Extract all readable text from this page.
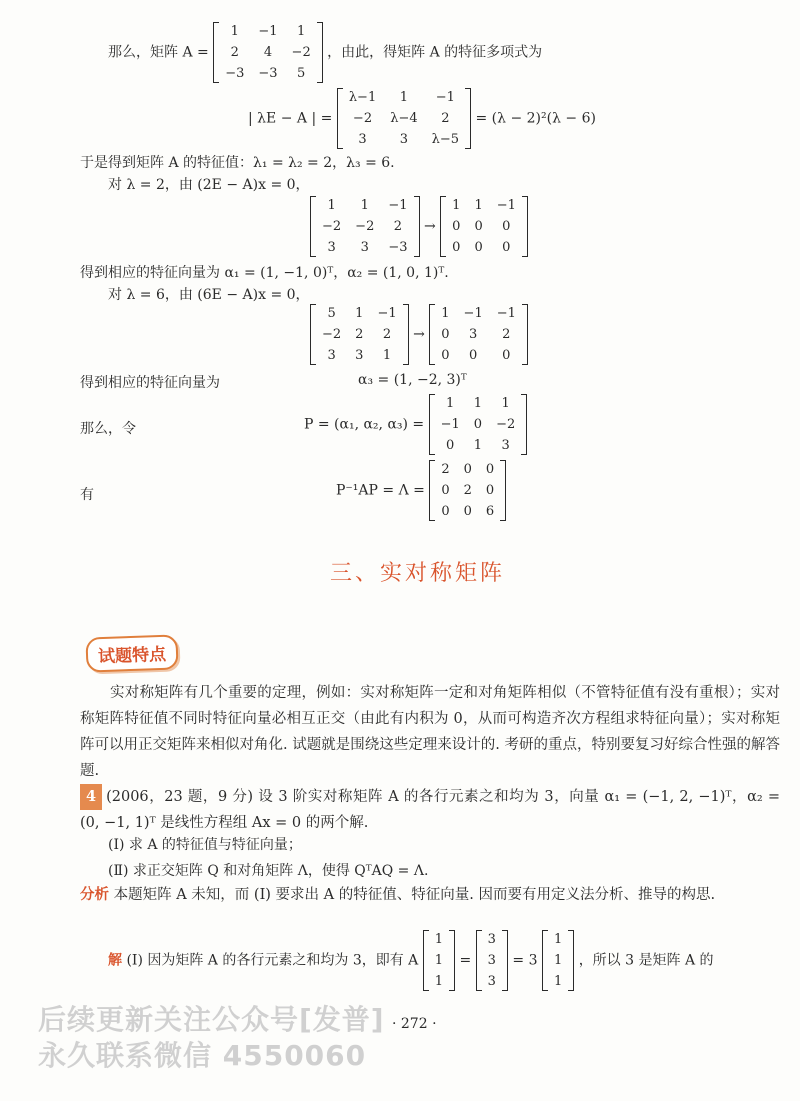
那么，矩阵 A =
1	−1	1
2	4	−2
−3 −3	5
，由此，得矩阵 A 的特征多项式为
| λE − A | =
λ−1	1	−1
−2	λ−4	2
3	3	λ−5
= (λ − 2)²(λ − 6)
于是得到矩阵 A 的特征值：λ₁ = λ₂ = 2，λ₃ = 6.
对 λ = 2，由 (2E − A)x = 0，
1	1	−1
−2 −2	2
3	3	−3
→
1 1 −1
0 0	0
0 0	0
得到相应的特征向量为 α₁ = (1, −1, 0)ᵀ，α₂ = (1, 0, 1)ᵀ.
对 λ = 6，由 (6E − A)x = 0，
5	1 −1
−2 2	2
3	3	1
→
1 −1 −1
0	3	2
0	0	0
得到相应的特征向量为	α₃ = (1, −2, 3)ᵀ
那么，令	P = (α₁, α₂, α₃) =
1	1	1
−1 0 −2
0	1	3
有	P⁻¹AP = Λ =
2 0 0
0 2 0
0 0 6
三、实对称矩阵
试题特点
实对称矩阵有几个重要的定理，例如：实对称矩阵一定和对角矩阵相似（不管特征值有没有重根）；实对称矩阵特征值不同时特征向量必相互正交（由此有内积为 0，从而可构造齐次方程组求特征向量）；实对称矩阵可以用正交矩阵来相似对角化. 试题就是围绕这些定理来设计的. 考研的重点，特别要复习好综合性强的解答题.
4 (2006，23 题，9 分) 设 3 阶实对称矩阵 A 的各行元素之和均为 3，向量 α₁ = (−1, 2, −1)ᵀ，α₂ = (0, −1, 1)ᵀ 是线性方程组 Ax = 0 的两个解.
(Ⅰ) 求 A 的特征值与特征向量；
(Ⅱ) 求正交矩阵 Q 和对角矩阵 Λ，使得 QᵀAQ = Λ.
分析 本题矩阵 A 未知，而 (Ⅰ) 要求出 A 的特征值、特征向量. 因而要有用定义法分析、推导的构思.
解 (Ⅰ) 因为矩阵 A 的各行元素之和均为 3，即有 A
1
1
1
=
3
3
3
= 3
1
1
1
，所以 3 是矩阵 A 的
· 272 ·
后续更新关注公众号[发普]
永久联系微信 4550060
